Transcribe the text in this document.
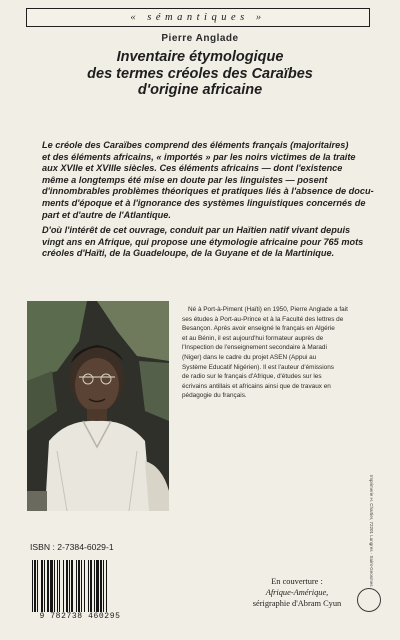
« sémantiques »
Pierre Anglade
Inventaire étymologique
des termes créoles des Caraïbes
d'origine africaine

Le créole des Caraïbes comprend des éléments français (majoritaires)
et des éléments africains, « importés » par les noirs victimes de la traite
aux XVIIe et XVIIIe siècles. Ces éléments africains — dont l'existence
même a longtemps été mise en doute par les linguistes — posent
d'innombrables problèmes théoriques et pratiques liés à l'absence de docu-
ments d'époque et à l'ignorance des systèmes linguistiques concernés de
part et d'autre de l'Atlantique.

D'où l'intérêt de cet ouvrage, conduit par un Haïtien natif vivant depuis
vingt ans en Afrique, qui propose une étymologie africaine pour 765 mots
créoles d'Haïti, de la Guadeloupe, de la Guyane et de la Martinique.

Né à Port-à-Piment (Haïti) en 1950, Pierre Anglade a fait
ses études à Port-au-Prince et à la Faculté des lettres de
Besançon. Après avoir enseigné le français en Algérie
et au Bénin, il est aujourd'hui formateur auprès de
l'Inspection de l'enseignement secondaire à Maradi
(Niger) dans le cadre du projet ASEN (Appui au
Système Educatif Nigérien). Il est l'auteur d'émissions
de radio sur le français d'Afrique, d'études sur les
écrivains antillais et africains ainsi que de travaux en
pédagogie du français.
Imprimerie H. Chartier, 72201 Langres · Saint-Geosmes
ISBN : 2-7384-6029-1
9 782738 460295
En couverture :
Afrique-Amérique,
sérigraphie d'Abram Cyun
